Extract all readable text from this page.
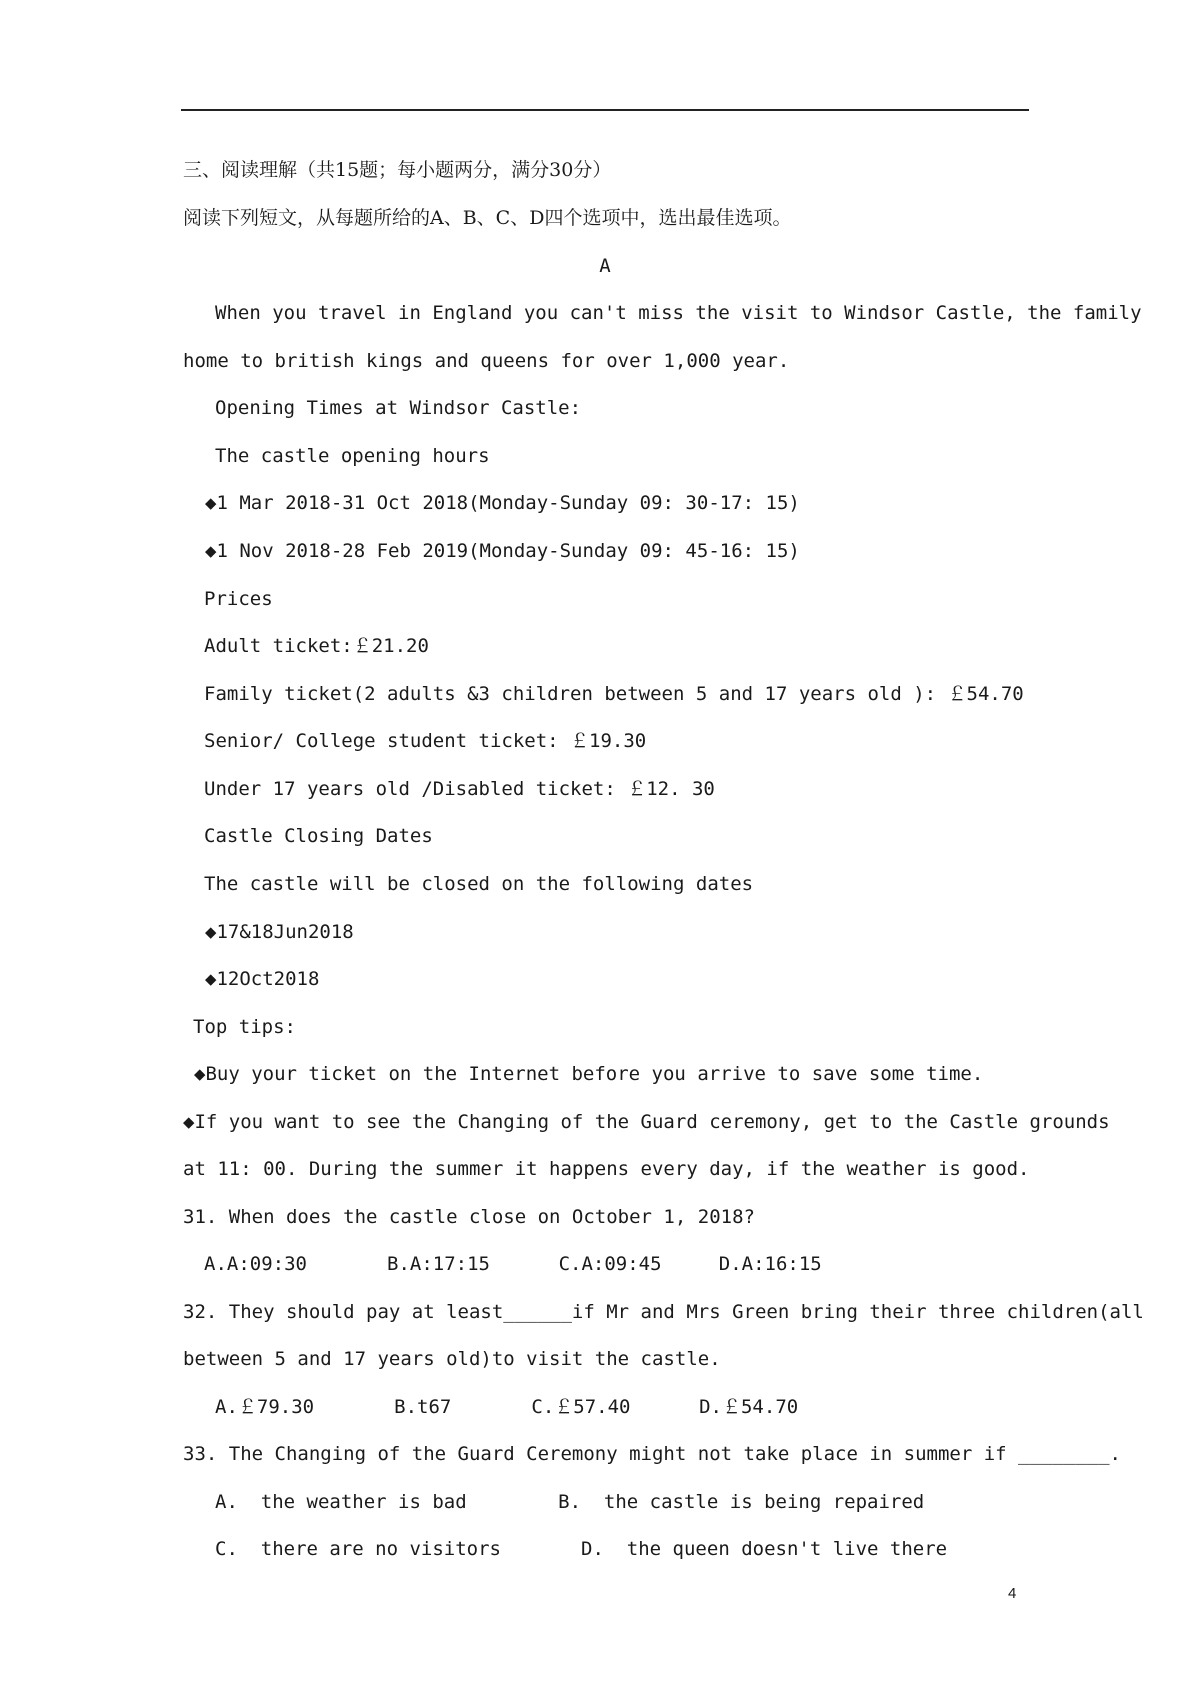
三、阅读理解（共15题；每小题两分，满分30分）
阅读下列短文，从每题所给的A、B、C、D四个选项中，选出最佳选项。
A
When you travel in England you can't miss the visit to Windsor Castle, the family
home to british kings and queens for over 1,000 year.
Opening Times at Windsor Castle:
The castle opening hours
◆1 Mar 2018-31 Oct 2018(Monday-Sunday 09: 30-17: 15)
◆1 Nov 2018-28 Feb 2019(Monday-Sunday 09: 45-16: 15)
Prices
Adult ticket:￡21.20
Family ticket(2 adults &3 children between 5 and 17 years old ): ￡54.70
Senior/ College student ticket: ￡19.30
Under 17 years old /Disabled ticket: ￡12. 30
Castle Closing Dates
The castle will be closed on the following dates
◆17&18Jun2018
◆12Oct2018
Top tips:
◆Buy your ticket on the Internet before you arrive to save some time.
◆If you want to see the Changing of the Guard ceremony, get to the Castle grounds
at 11: 00. During the summer it happens every day, if the weather is good.
31. When does the castle close on October 1, 2018?
A.A:09:30       B.A:17:15      C.A:09:45     D.A:16:15
32. They should pay at least______if Mr and Mrs Green bring their three children(all
between 5 and 17 years old)to visit the castle.
A.￡79.30       B.t67       C.￡57.40      D.￡54.70
33. The Changing of the Guard Ceremony might not take place in summer if ________.
A.  the weather is bad        B.  the castle is being repaired
C.  there are no visitors       D.  the queen doesn't live there
4
